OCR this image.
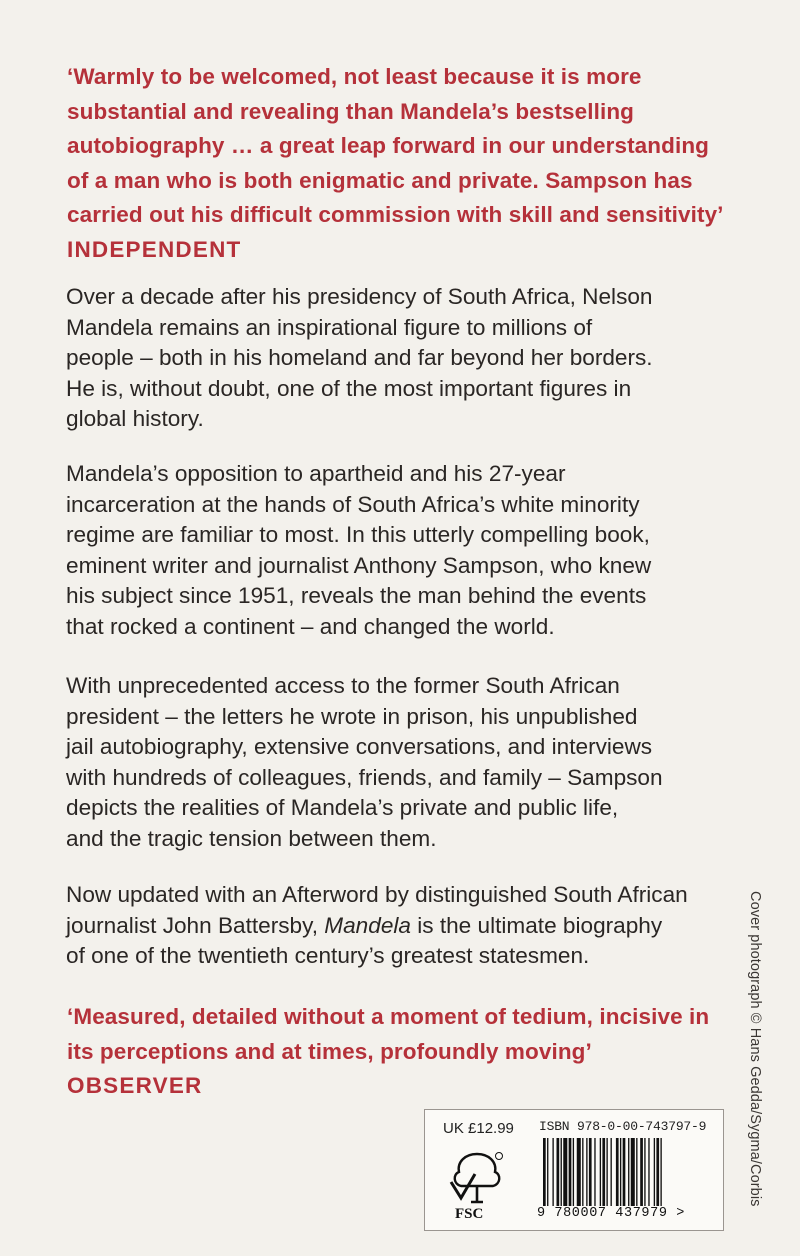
‘Warmly to be welcomed, not least because it is more

substantial and revealing than Mandela’s bestselling

autobiography … a great leap forward in our understanding

of a man who is both enigmatic and private. Sampson has

carried out his difficult commission with skill and sensitivity’

INDEPENDENT

Over a decade after his presidency of South Africa, Nelson
Mandela remains an inspirational figure to millions of
people – both in his homeland and far beyond her borders.
He is, without doubt, one of the most important figures in
global history.
Mandela’s opposition to apartheid and his 27-year
incarceration at the hands of South Africa’s white minority
regime are familiar to most. In this utterly compelling book,
eminent writer and journalist Anthony Sampson, who knew
his subject since 1951, reveals the man behind the events
that rocked a continent – and changed the world.
With unprecedented access to the former South African
president – the letters he wrote in prison, his unpublished
jail autobiography, extensive conversations, and interviews
with hundreds of colleagues, friends, and family – Sampson
depicts the realities of Mandela’s private and public life,
and the tragic tension between them.
Now updated with an Afterword by distinguished South African
journalist John Battersby, Mandela is the ultimate biography
of one of the twentieth century’s greatest statesmen.

‘Measured, detailed without a moment of tedium, incisive in

its perceptions and at times, profoundly moving’

OBSERVER	Cover photograph © Hans Gedda/Sygma/Corbis
UK £12.99 ISBN 978-0-00-743797-9
FSC	9 780007 437979 >
